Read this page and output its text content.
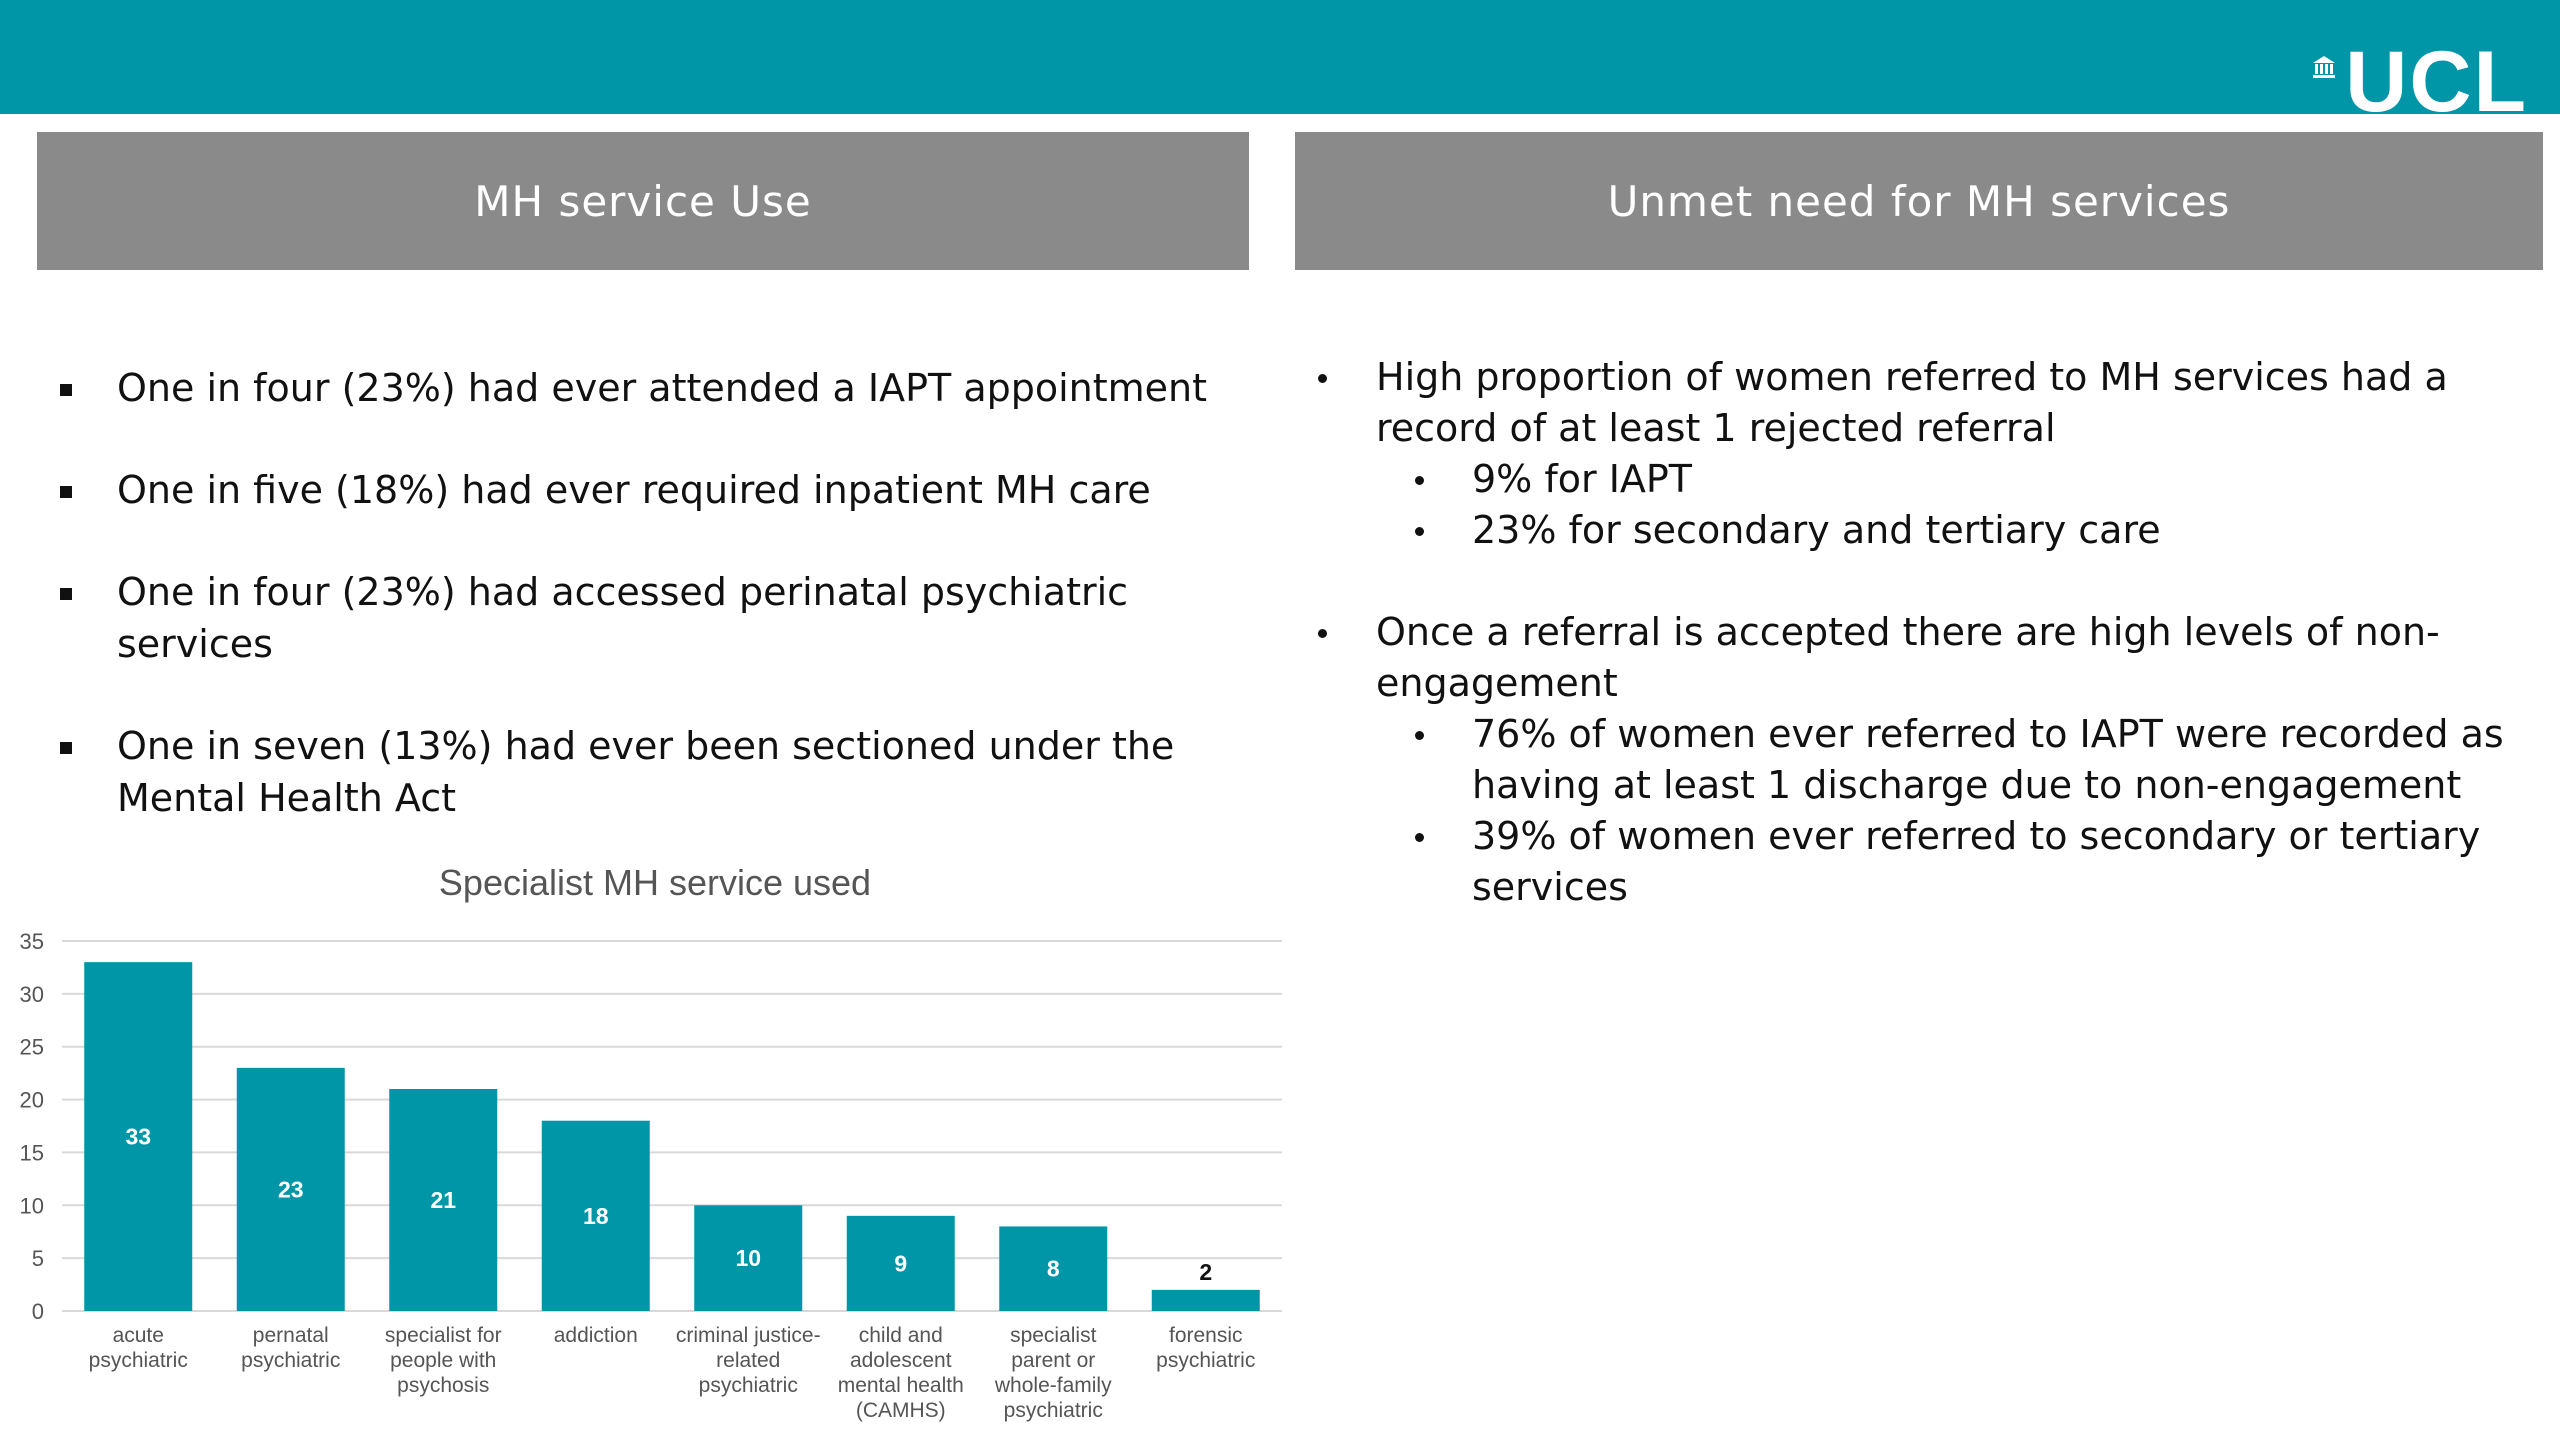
UCL
MH service Use	Unmet need for MH services
One in four (23%) had ever attended a IAPT appointment
One in five (18%) had ever required inpatient MH care
One in four (23%) had accessed perinatal psychiatric
services
One in seven (13%) had ever been sectioned under the
Mental Health Act
High proportion of women referred to MH services had a
record of at least 1 rejected referral
9% for IAPT
23% for secondary and tertiary care
Once a referral is accepted there are high levels of non-
engagement
76% of women ever referred to IAPT were recorded as
having at least 1 discharge due to non-engagement
39% of women ever referred to secondary or tertiary
services
Specialist MH service used
0
5
10
15
20
25
30
35
33
acute
psychiatric
23
pernatal
psychiatric
21
specialist for
people with
psychosis
18
addiction
10
criminal justice-
related
psychiatric
9
child and
adolescent
mental health
(CAMHS)
8
specialist
parent or
whole-family
psychiatric
2
forensic
psychiatric
